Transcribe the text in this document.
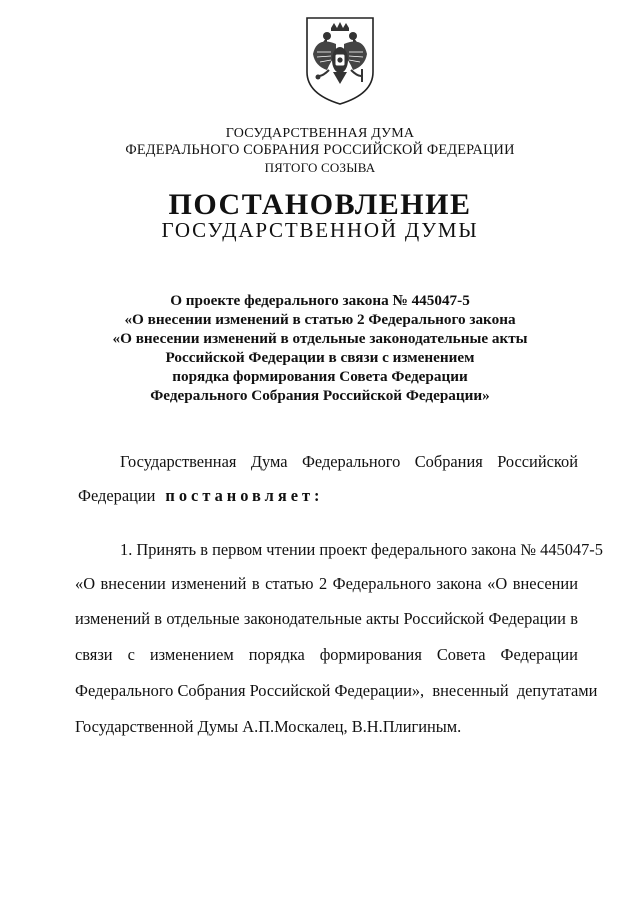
ГОСУДАРСТВЕННАЯ ДУМА
ФЕДЕРАЛЬНОГО СОБРАНИЯ РОССИЙСКОЙ ФЕДЕРАЦИИ
ПЯТОГО СОЗЫВА
ПОСТАНОВЛЕНИЕ
ГОСУДАРСТВЕННОЙ ДУМЫ
О проекте федерального закона № 445047-5
«О внесении изменений в статью 2 Федерального закона
«О внесении изменений в отдельные законодательные акты
Российской Федерации в связи с изменением
порядка формирования Совета Федерации
Федерального Собрания Российской Федерации»
Государственная Дума Федерального Собрания Российской
Федерации постановляет:
1. Принять в первом чтении проект федерального закона № 445047-5
«О внесении изменений в статью 2 Федерального закона «О внесении
изменений в отдельные законодательные акты Российской Федерации в
связи с изменением порядка формирования Совета Федерации
Федерального Собрания Российской Федерации»,  внесенный  депутатами
Государственной Думы А.П.Москалец, В.Н.Плигиным.
